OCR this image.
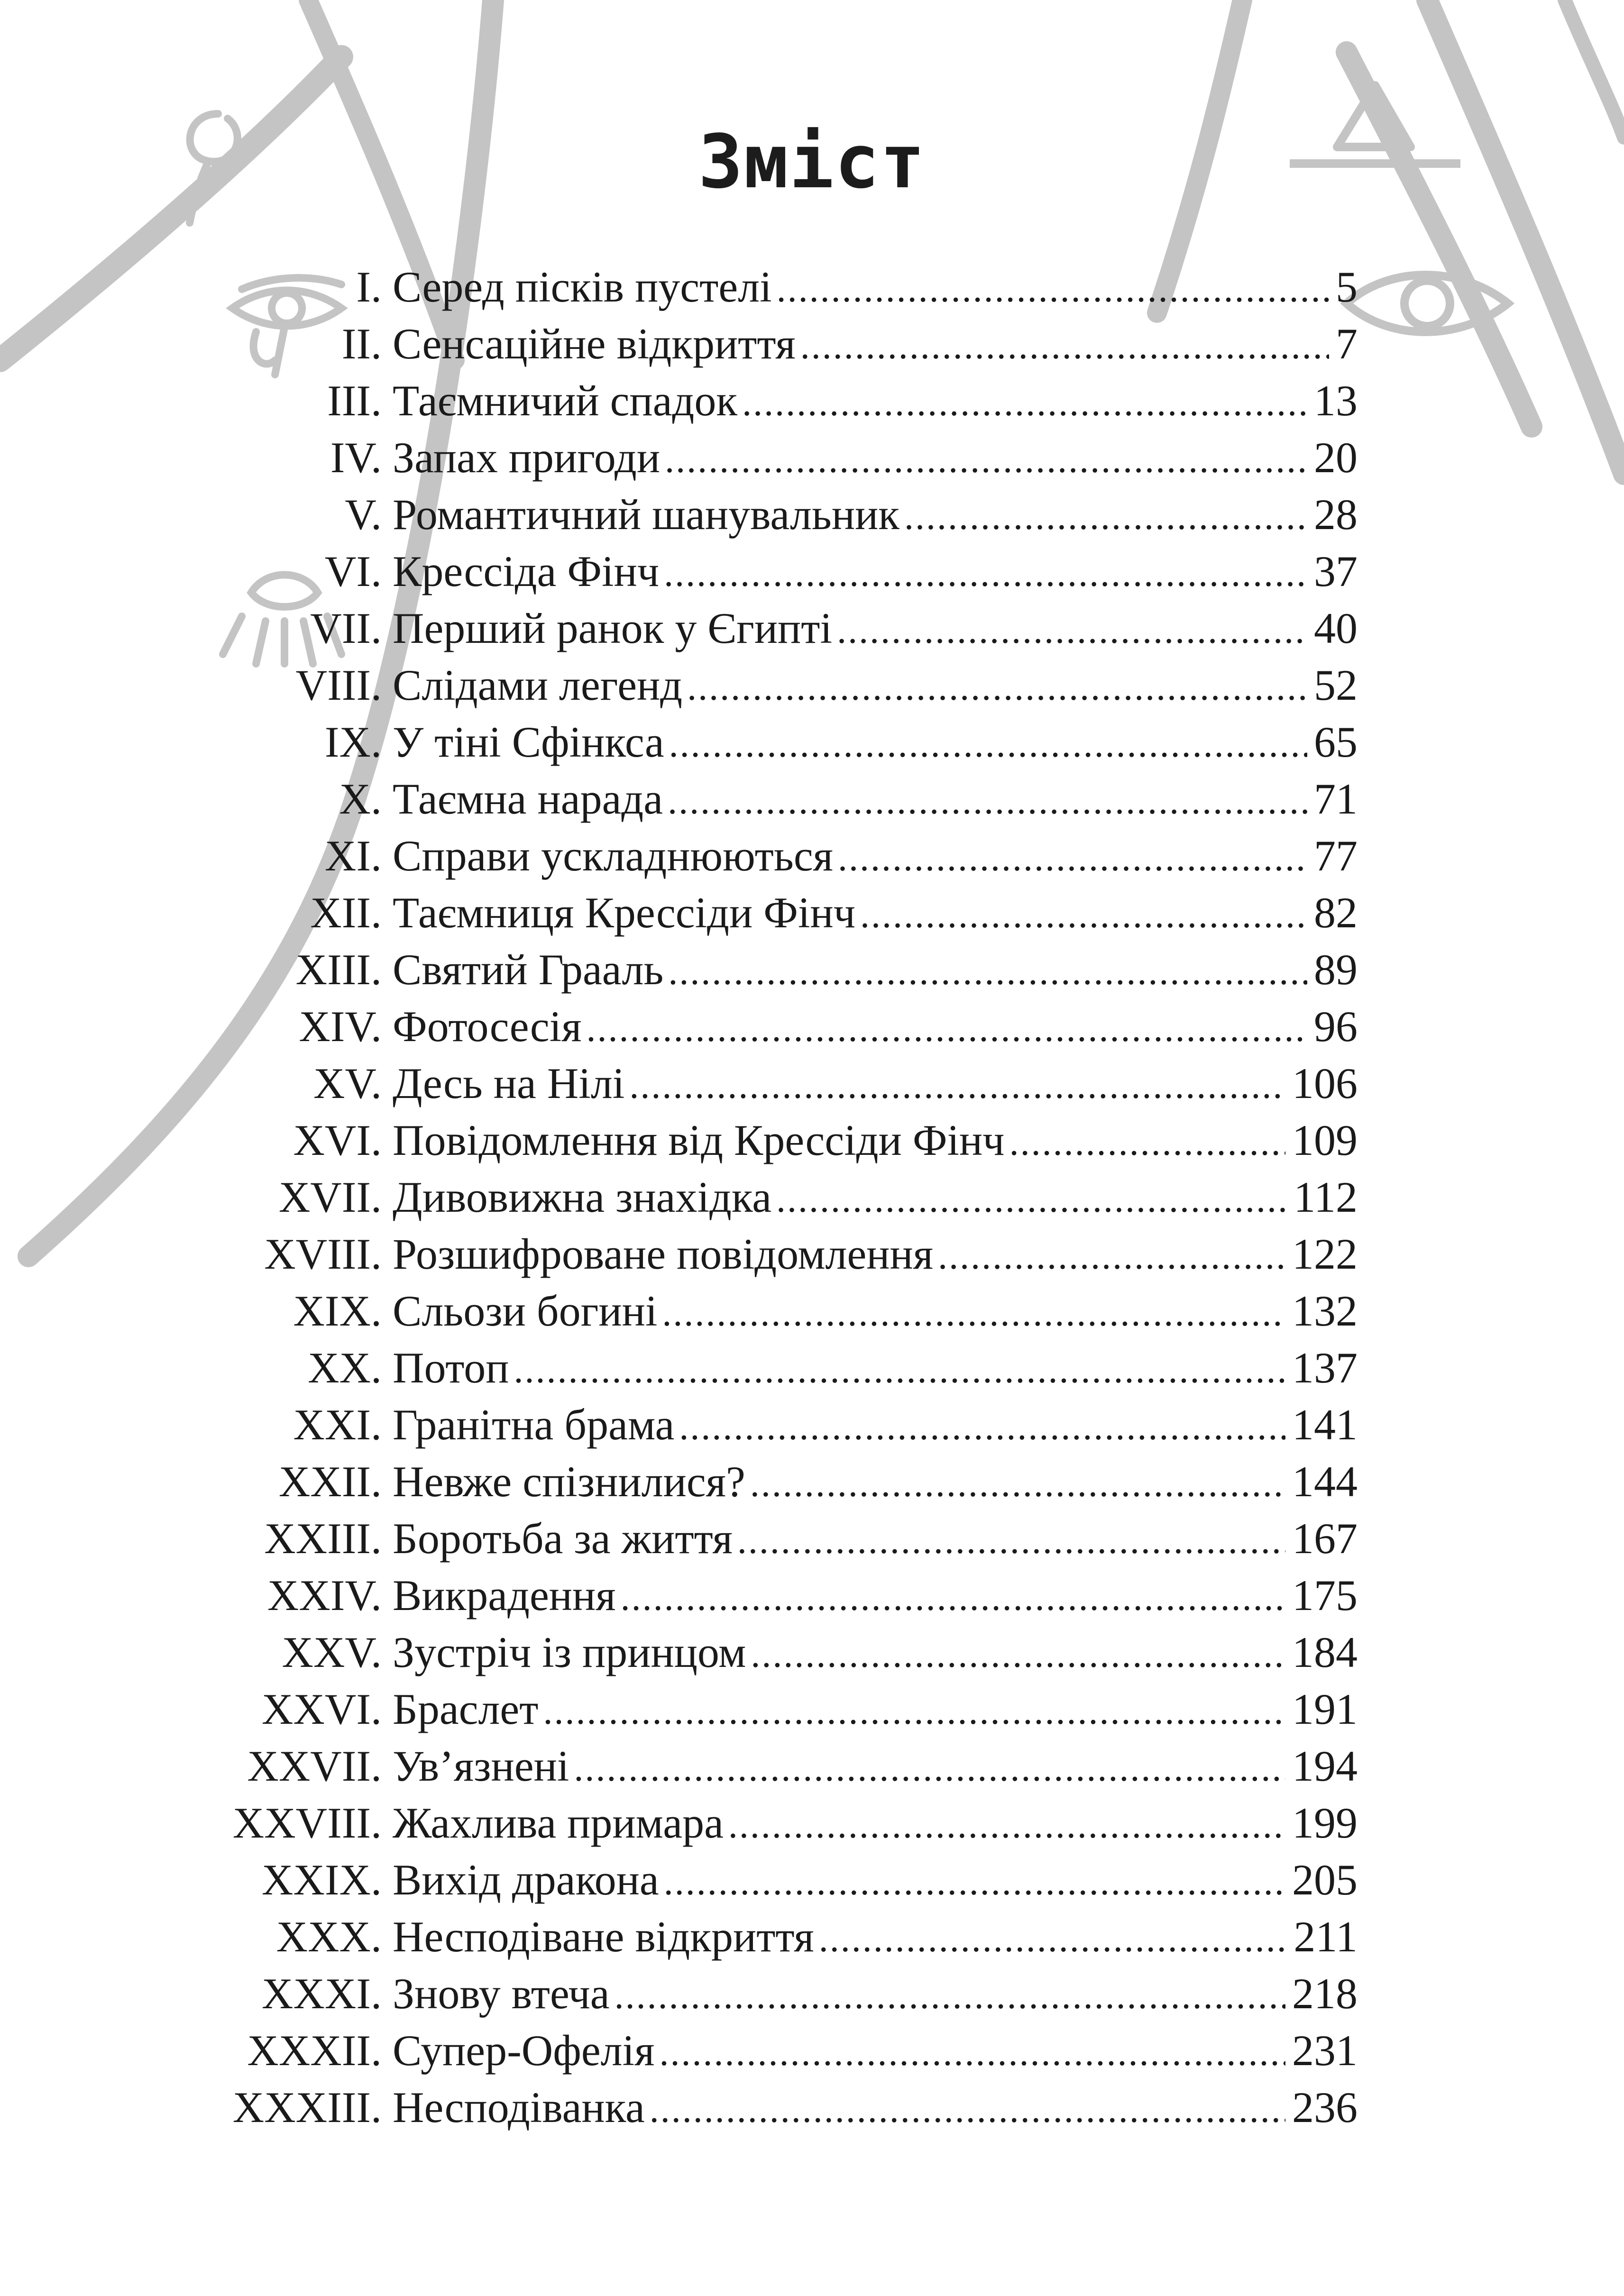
Зміст
I. Серед пісків пустелі .....	5
II. Сенсаційне відкриття .....	7
III. Таємничий спадок .....	13
IV. Запах пригоди .....	20
V. Романтичний шанувальник .....	28
VI. Крессіда Фінч .....	37
VII. Перший ранок у Єгипті .....	40
VIII. Слідами легенд .....	52
IX. У тіні Сфінкса .....	65
X. Таємна нарада .....	71
XI. Справи ускладнюються .....	77
XII. Таємниця Крессіди Фінч .....	82
XIII. Святий Грааль .....	89
XIV. Фотосесія .....	96
XV. Десь на Нілі .....	106
XVI. Повідомлення від Крессіди Фінч .....	109
XVII. Дивовижна знахідка .....	112
XVIII. Розшифроване повідомлення .....	122
XIX. Сльози богині .....	132
XX. Потоп .....	137
XXI. Гранітна брама .....	141
XXII. Невже спізнилися? .....	144
XXIII. Боротьба за життя .....	167
XXIV. Викрадення .....	175
XXV. Зустріч із принцом .....	184
XXVI. Браслет .....	191
XXVII. Ув’язнені .....	194
XXVIII. Жахлива примара .....	199
XXIX. Вихід дракона .....	205
XXX. Несподіване відкриття .....	211
XXXI. Знову втеча .....	218
XXXII. Супер-Офелія .....	231
XXXIII. Несподіванка .....	236
